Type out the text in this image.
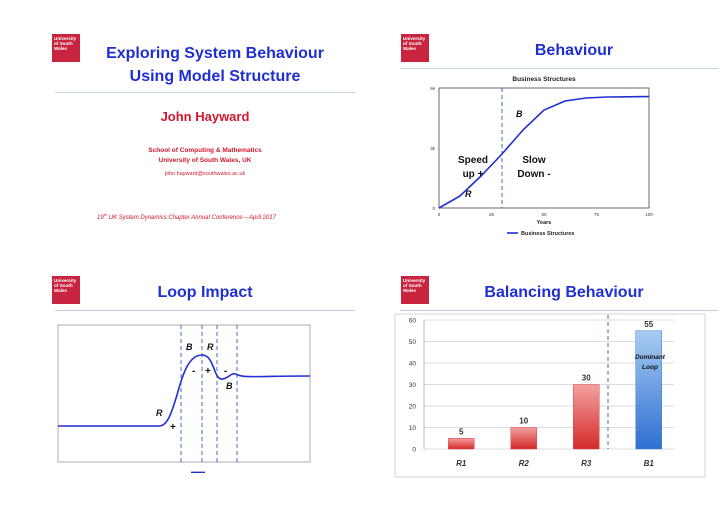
University
of South
Wales	Exploring System Behaviour
Using Model Structure
John Hayward
School of Computing & Mathematics
University of South Wales, UK
john.hayward@southwales.ac.uk
19th UK System Dynamics Chapter Annual Conference – April 2017
University
of South
Wales	Behaviour
Business Structures
6k
3k
0
0	25	50	75	100
Years
Business Structures
B
Speed
up +
Slow
Down -
R
University
of South
Wales	Loop Impact
B R
- + -
B
R
+
—
University
of South
Wales	Balancing Behaviour
0
10
20
30
40
50
60
5
R1
10
R2
30
R3
55
B1
Dominant
Loop
